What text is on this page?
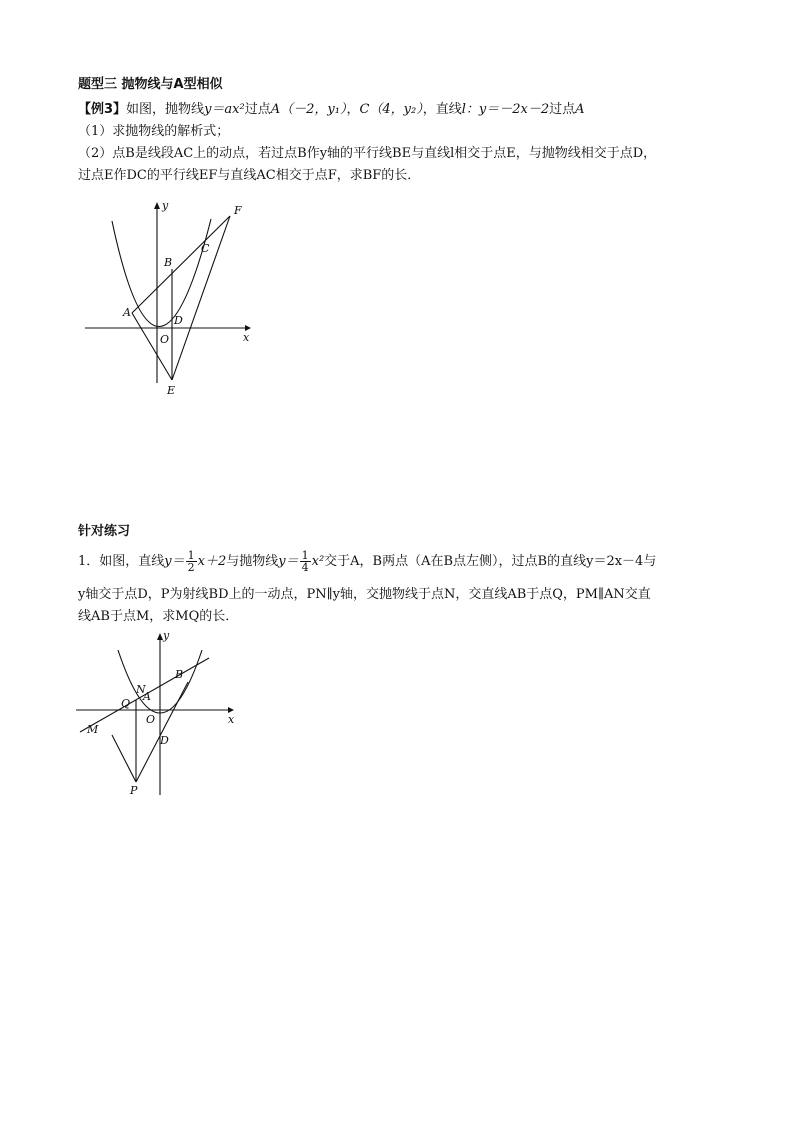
题型三 抛物线与A型相似
【例3】如图，抛物线y＝ax²过点A（－2，y₁），C（4，y₂），直线l：y＝－2x－2过点A
（1）求抛物线的解析式；
（2）点B是线段AC上的动点，若过点B作y轴的平行线BE与直线l相交于点E，与抛物线相交于点D，
过点E作DC的平行线EF与直线AC相交于点F，求BF的长．
y	F
C
B
A
D
O	x
E
针对练习
1．如图，直线$y= \frac{1}{2} x+2$与抛物线$y= \frac{1}{4} x^2$交于A，B两点（A在B点左侧），过点B的直线y＝2x－4与
y轴交于点D，P为射线BD上的一动点，PN∥y轴，交抛物线于点N，交直线AB于点Q，PM∥AN交直
线AB于点M，求MQ的长．
y
B
N
A
Q
O	x
M
D
P
